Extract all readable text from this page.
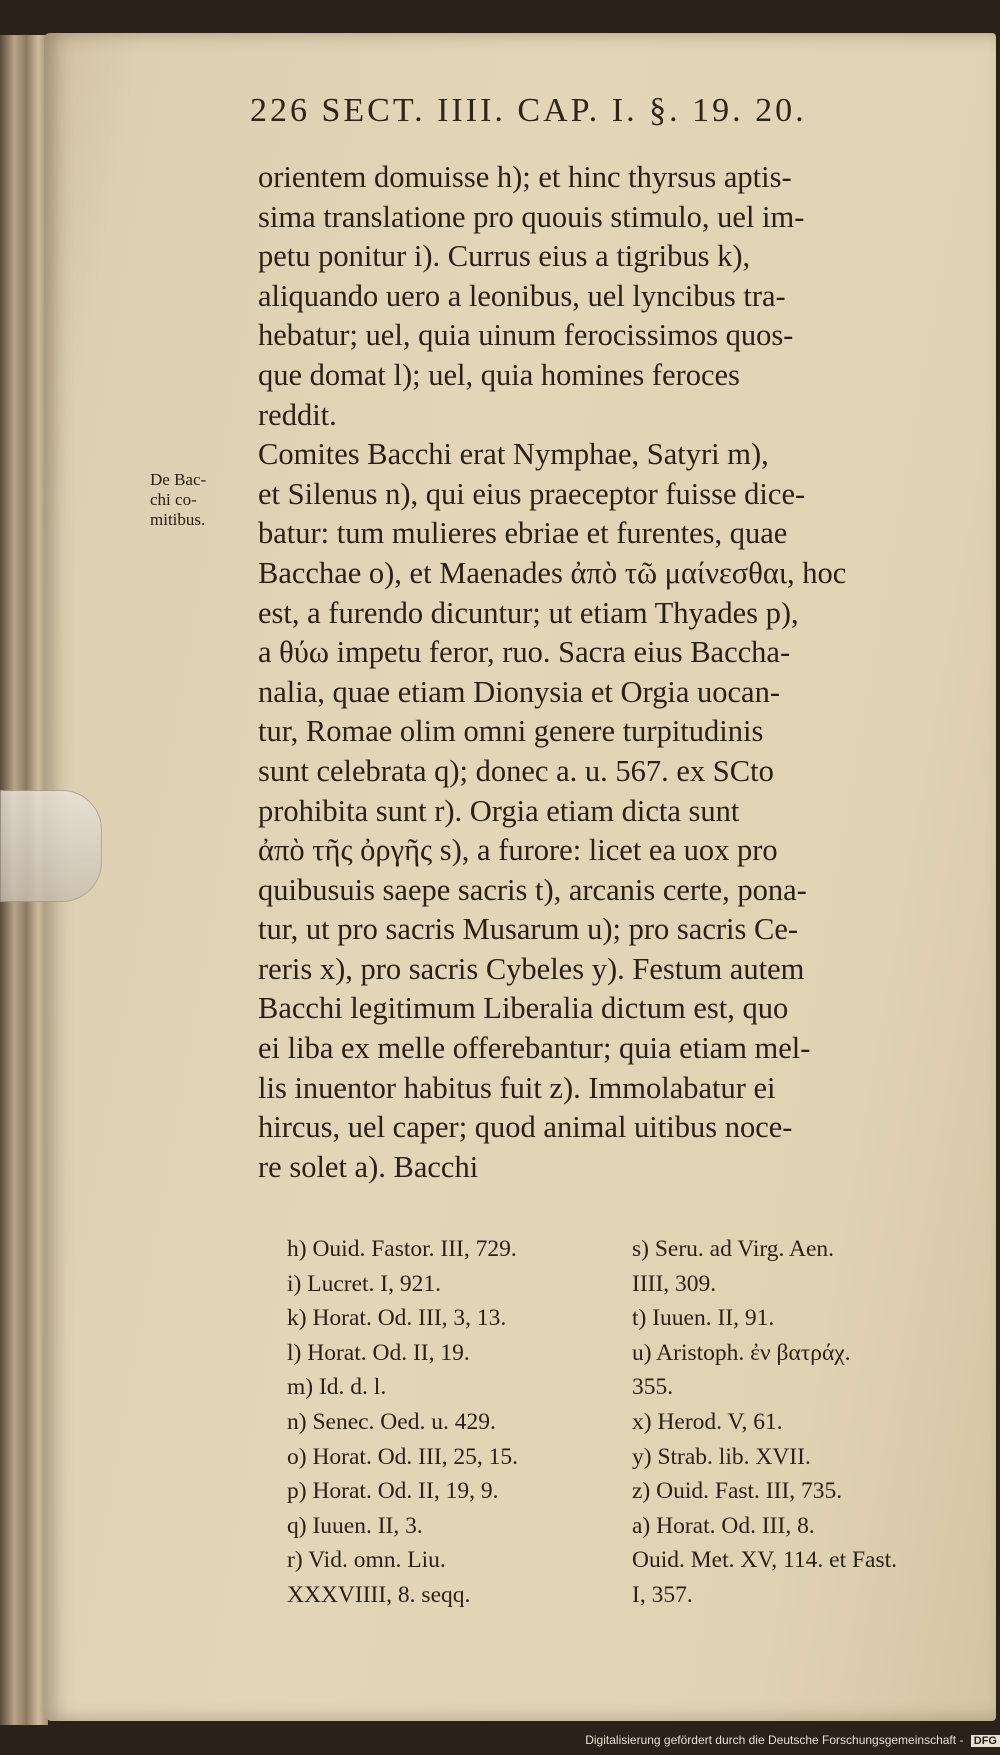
226 SECT. IIII. CAP. I. §. 19. 20.
De Bac-
chi co-
mitibus.
orientem domuisse h); et hinc thyrsus aptis-
sima translatione pro quouis stimulo, uel im-
petu ponitur i). Currus eius a tigribus k),
aliquando uero a leonibus, uel lyncibus tra-
hebatur; uel, quia uinum ferocissimos quos-
que domat l); uel, quia homines feroces
reddit.
Comites Bacchi erat Nymphae, Satyri m),
et Silenus n), qui eius praeceptor fuisse dice-
batur: tum mulieres ebriae et furentes, quae
Bacchae o), et Maenades ἀπὸ τῶ μαίνεσθαι, hoc
est, a furendo dicuntur; ut etiam Thyades p),
a θύω impetu feror, ruo. Sacra eius Baccha-
nalia, quae etiam Dionysia et Orgia uocan-
tur, Romae olim omni genere turpitudinis
sunt celebrata q); donec a. u. 567. ex SCto
prohibita sunt r). Orgia etiam dicta sunt
ἀπὸ τῆς ὀργῆς s), a furore: licet ea uox pro
quibusuis saepe sacris t), arcanis certe, pona-
tur, ut pro sacris Musarum u); pro sacris Ce-
reris x), pro sacris Cybeles y). Festum autem
Bacchi legitimum Liberalia dictum est, quo
ei liba ex melle offerebantur; quia etiam mel-
lis inuentor habitus fuit z). Immolabatur ei
hircus, uel caper; quod animal uitibus noce-
re solet a). Bacchi
h) Ouid. Fastor. III, 729.
i) Lucret. I, 921.
k) Horat. Od. III, 3, 13.
l) Horat. Od. II, 19.
m) Id. d. l.
n) Senec. Oed. u. 429.
o) Horat. Od. III, 25, 15.
p) Horat. Od. II, 19, 9.
q) Iuuen. II, 3.
r) Vid. omn. Liu.
XXXVIIII, 8. seqq.
s) Seru. ad Virg. Aen.
IIII, 309.
t) Iuuen. II, 91.
u) Aristoph. ἐν βατράχ.
355.
x) Herod. V, 61.
y) Strab. lib. XVII.
z) Ouid. Fast. III, 735.
a) Horat. Od. III, 8.
Ouid. Met. XV, 114. et Fast.
I, 357.
Digitalisierung gefördert durch die Deutsche Forschungsgemeinschaft - DFG
